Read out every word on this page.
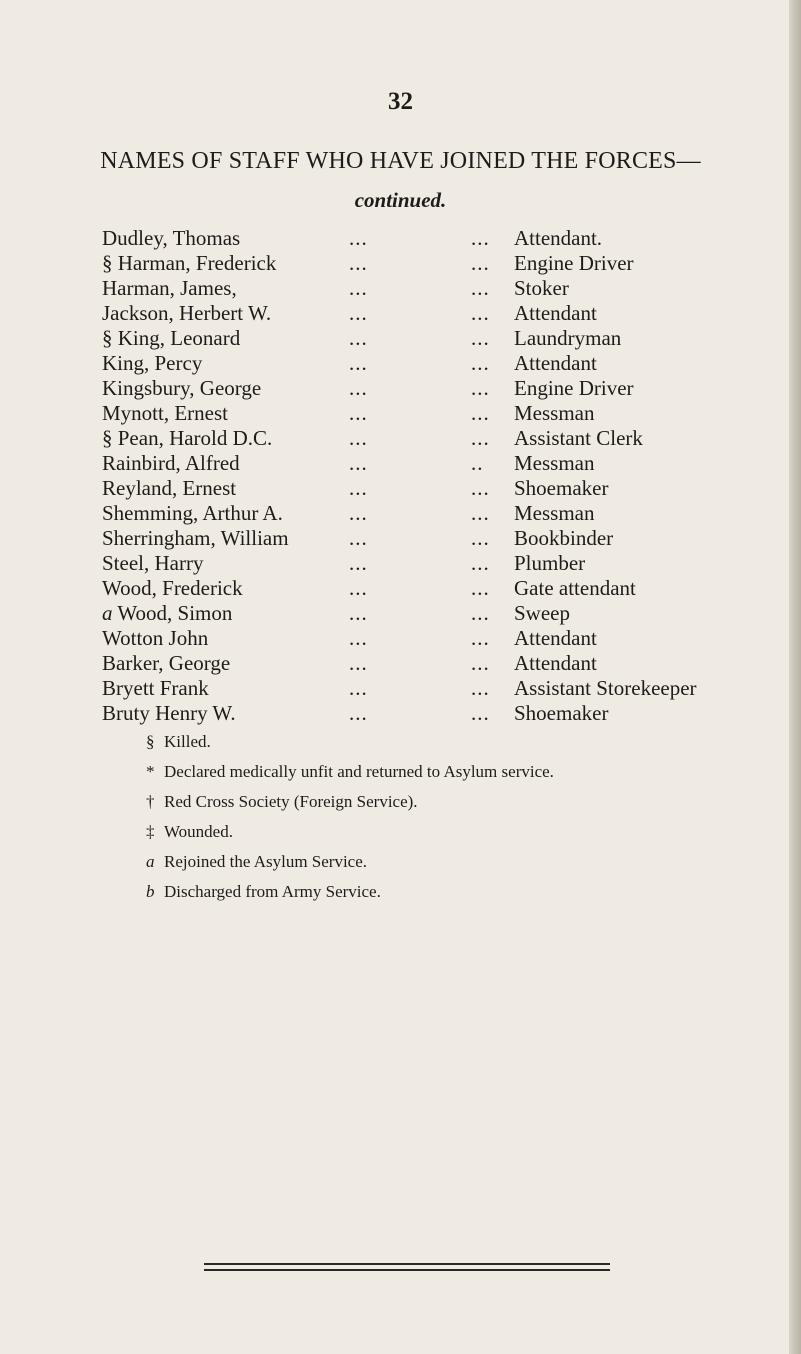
32
NAMES OF STAFF WHO HAVE JOINED THE FORCES—
continued.
Dudley, Thomas	...	... Attendant.
§ Harman, Frederick	...	... Engine Driver
Harman, James,	...	... Stoker
Jackson, Herbert W.	...	... Attendant
§ King, Leonard	...	... Laundryman
King, Percy	...	... Attendant
Kingsbury, George	...	... Engine Driver
Mynott, Ernest	...	... Messman
§ Pean, Harold D.C.	...	... Assistant Clerk
Rainbird, Alfred	...	.. Messman
Reyland, Ernest	...	... Shoemaker
Shemming, Arthur A.	...	... Messman
Sherringham, William	...	... Bookbinder
Steel, Harry	...	... Plumber
Wood, Frederick	...	... Gate attendant
a Wood, Simon	...	... Sweep
Wotton John	...	... Attendant
Barker, George	...	... Attendant
Bryett Frank	...	... Assistant Storekeeper
Bruty Henry W.	...	... Shoemaker
§ Killed.
* Declared medically unfit and returned to Asylum service.
† Red Cross Society (Foreign Service).
‡ Wounded.
a Rejoined the Asylum Service.
b Discharged from Army Service.
